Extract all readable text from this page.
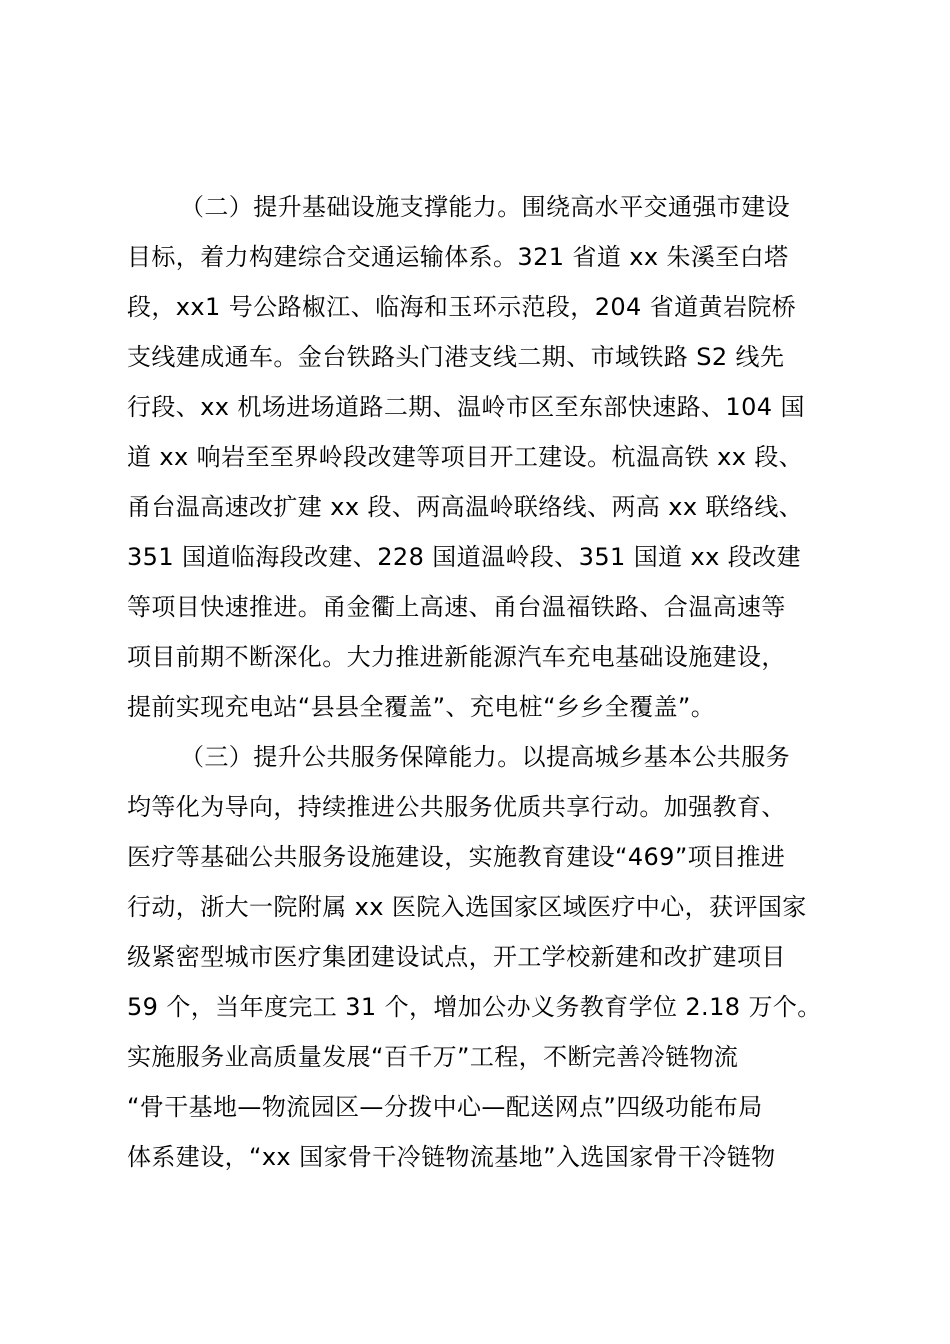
（二）提升基础设施支撑能力。围绕高水平交通强市建设
目标，着力构建综合交通运输体系。321 省道 xx 朱溪至白塔
段，xx1 号公路椒江、临海和玉环示范段，204 省道黄岩院桥
支线建成通车。金台铁路头门港支线二期、市域铁路 S2 线先
行段、xx 机场进场道路二期、温岭市区至东部快速路、104 国
道 xx 响岩至至界岭段改建等项目开工建设。杭温高铁 xx 段、
甬台温高速改扩建 xx 段、两高温岭联络线、两高 xx 联络线、
351 国道临海段改建、228 国道温岭段、351 国道 xx 段改建
等项目快速推进。甬金衢上高速、甬台温福铁路、合温高速等
项目前期不断深化。大力推进新能源汽车充电基础设施建设，
提前实现充电站“县县全覆盖”、充电桩“乡乡全覆盖”。
（三）提升公共服务保障能力。以提高城乡基本公共服务
均等化为导向，持续推进公共服务优质共享行动。加强教育、
医疗等基础公共服务设施建设，实施教育建设“469”项目推进
行动，浙大一院附属 xx 医院入选国家区域医疗中心，获评国家
级紧密型城市医疗集团建设试点，开工学校新建和改扩建项目
59 个，当年度完工 31 个，增加公办义务教育学位 2.18 万个。
实施服务业高质量发展“百千万”工程，不断完善冷链物流
“骨干基地—物流园区—分拨中心—配送网点”四级功能布局
体系建设，“xx 国家骨干冷链物流基地”入选国家骨干冷链物
